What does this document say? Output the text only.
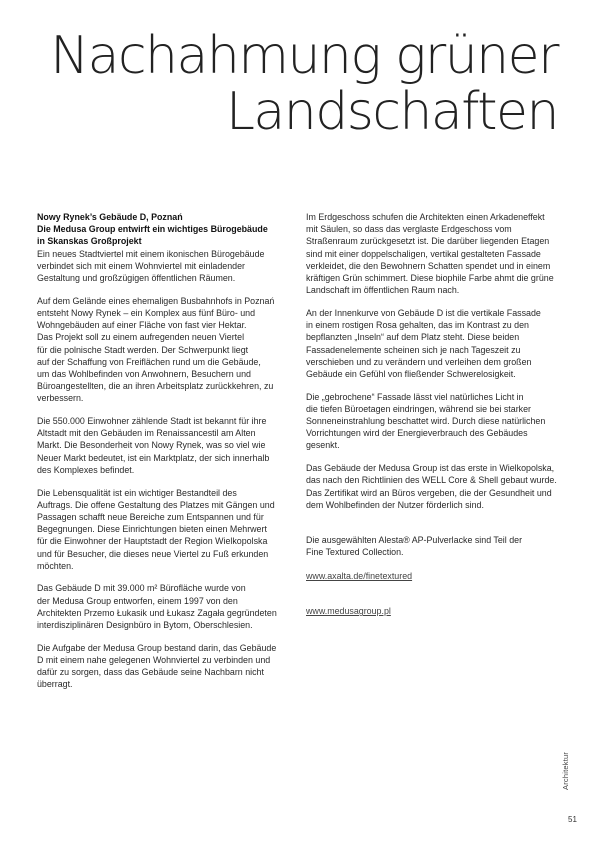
Nachahmung grüner
Landschaften

Nowy Rynek’s Gebäude D, Poznań

Die Medusa Group entwirft ein wichtiges Bürogebäude
in Skanskas Großprojekt

Ein neues Stadtviertel mit einem ikonischen Bürogebäude
verbindet sich mit einem Wohnviertel mit einladender
Gestaltung und großzügigen öffentlichen Räumen.

Auf dem Gelände eines ehemaligen Busbahnhofs in Poznań
entsteht Nowy Rynek – ein Komplex aus fünf Büro- und
Wohngebäuden auf einer Fläche von fast vier Hektar.
Das Projekt soll zu einem aufregenden neuen Viertel
für die polnische Stadt werden. Der Schwerpunkt liegt
auf der Schaffung von Freiflächen rund um die Gebäude,
um das Wohlbefinden von Anwohnern, Besuchern und
Büroangestellten, die an ihren Arbeitsplatz zurückkehren, zu
verbessern.

Die 550.000 Einwohner zählende Stadt ist bekannt für ihre
Altstadt mit den Gebäuden im Renaissancestil am Alten
Markt. Die Besonderheit von Nowy Rynek, was so viel wie
Neuer Markt bedeutet, ist ein Marktplatz, der sich innerhalb
des Komplexes befindet.

Die Lebensqualität ist ein wichtiger Bestandteil des
Auftrags. Die offene Gestaltung des Platzes mit Gängen und
Passagen schafft neue Bereiche zum Entspannen und für
Begegnungen. Diese Einrichtungen bieten einen Mehrwert
für die Einwohner der Hauptstadt der Region Wielkopolska
und für Besucher, die dieses neue Viertel zu Fuß erkunden
möchten.

Das Gebäude D mit 39.000 m² Bürofläche wurde von
der Medusa Group entworfen, einem 1997 von den
Architekten Przemo Łukasik und Łukasz Zagała gegründeten
interdisziplinären Designbüro in Bytom, Oberschlesien.

Die Aufgabe der Medusa Group bestand darin, das Gebäude
D mit einem nahe gelegenen Wohnviertel zu verbinden und
dafür zu sorgen, dass das Gebäude seine Nachbarn nicht
überragt.

Im Erdgeschoss schufen die Architekten einen Arkadeneffekt
mit Säulen, so dass das verglaste Erdgeschoss vom
Straßenraum zurückgesetzt ist. Die darüber liegenden Etagen
sind mit einer doppelschaligen, vertikal gestalteten Fassade
verkleidet, die den Bewohnern Schatten spendet und in einem
kräftigen Grün schimmert. Diese biophile Farbe ahmt die grüne
Landschaft im öffentlichen Raum nach.

An der Innenkurve von Gebäude D ist die vertikale Fassade
in einem rostigen Rosa gehalten, das im Kontrast zu den
bepflanzten „Inseln“ auf dem Platz steht. Diese beiden
Fassadenelemente scheinen sich je nach Tageszeit zu
verschieben und zu verändern und verleihen dem großen
Gebäude ein Gefühl von fließender Schwerelosigkeit.

Die „gebrochene“ Fassade lässt viel natürliches Licht in
die tiefen Büroetagen eindringen, während sie bei starker
Sonneneinstrahlung beschattet wird. Durch diese natürlichen
Vorrichtungen wird der Energieverbrauch des Gebäudes
gesenkt.

Das Gebäude der Medusa Group ist das erste in Wielkopolska,
das nach den Richtlinien des WELL Core & Shell gebaut wurde.
Das Zertifikat wird an Büros vergeben, die der Gesundheit und
dem Wohlbefinden der Nutzer förderlich sind.

Die ausgewählten Alesta® AP-Pulverlacke sind Teil der
Fine Textured Collection.

www.axalta.de/finetextured

www.medusagroup.pl

Architektur
51
